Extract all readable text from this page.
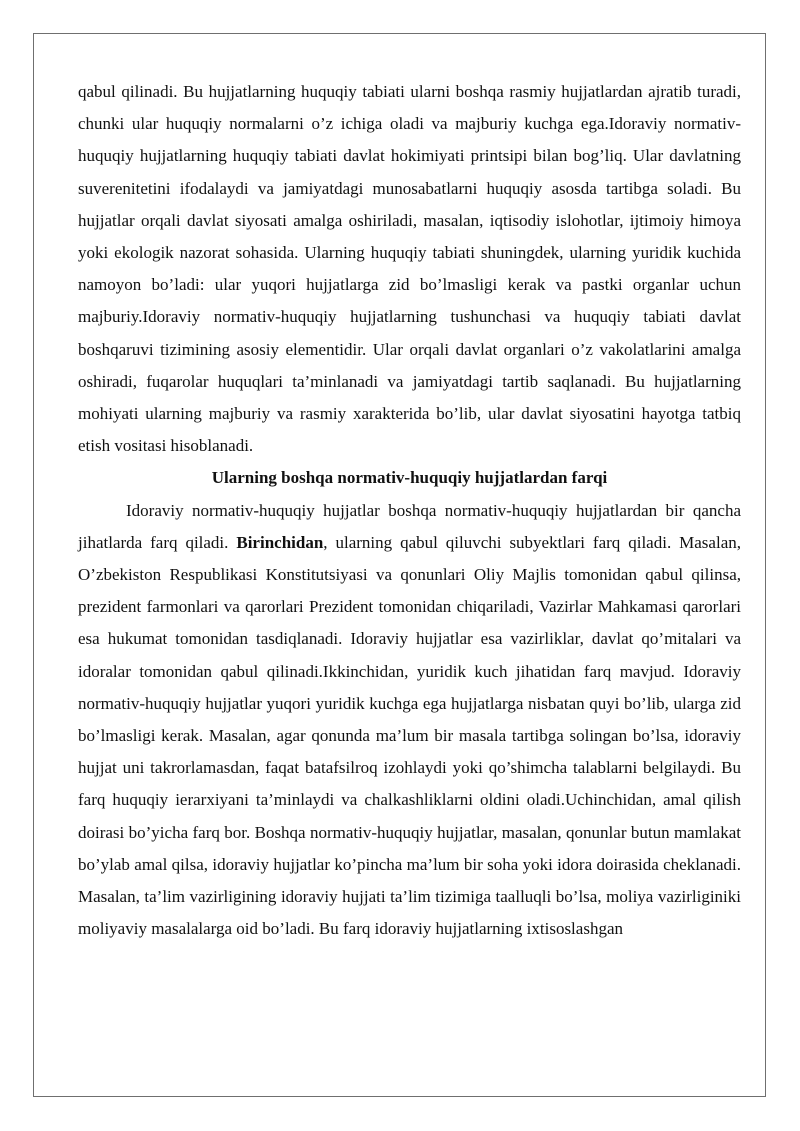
qabul qilinadi. Bu hujjatlarning huquqiy tabiati ularni boshqa rasmiy hujjatlardan ajratib turadi, chunki ular huquqiy normalarni o’z ichiga oladi va majburiy kuchga ega.Idoraviy normativ-huquqiy hujjatlarning huquqiy tabiati davlat hokimiyati printsipi bilan bog’liq. Ular davlatning suverenitetini ifodalaydi va jamiyatdagi munosabatlarni huquqiy asosda tartibga soladi. Bu hujjatlar orqali davlat siyosati amalga oshiriladi, masalan, iqtisodiy islohotlar, ijtimoiy himoya yoki ekologik nazorat sohasida. Ularning huquqiy tabiati shuningdek, ularning yuridik kuchida namoyon bo’ladi: ular yuqori hujjatlarga zid bo’lmasligi kerak va pastki organlar uchun majburiy.Idoraviy normativ-huquqiy hujjatlarning tushunchasi va huquqiy tabiati davlat boshqaruvi tizimining asosiy elementidir. Ular orqali davlat organlari o’z vakolatlarini amalga oshiradi, fuqarolar huquqlari ta’minlanadi va jamiyatdagi tartib saqlanadi. Bu hujjatlarning mohiyati ularning majburiy va rasmiy xarakterida bo’lib, ular davlat siyosatini hayotga tatbiq etish vositasi hisoblanadi.

Ularning boshqa normativ-huquqiy hujjatlardan farqi

Idoraviy normativ-huquqiy hujjatlar boshqa normativ-huquqiy hujjatlardan bir qancha jihatlarda farq qiladi. Birinchidan, ularning qabul qiluvchi subyektlari farq qiladi. Masalan, O’zbekiston Respublikasi Konstitutsiyasi va qonunlari Oliy Majlis tomonidan qabul qilinsa, prezident farmonlari va qarorlari Prezident tomonidan chiqariladi, Vazirlar Mahkamasi qarorlari esa hukumat tomonidan tasdiqlanadi. Idoraviy hujjatlar esa vazirliklar, davlat qo’mitalari va idoralar tomonidan qabul qilinadi.Ikkinchidan, yuridik kuch jihatidan farq mavjud. Idoraviy normativ-huquqiy hujjatlar yuqori yuridik kuchga ega hujjatlarga nisbatan quyi bo’lib, ularga zid bo’lmasligi kerak. Masalan, agar qonunda ma’lum bir masala tartibga solingan bo’lsa, idoraviy hujjat uni takrorlamasdan, faqat batafsilroq izohlaydi yoki qo’shimcha talablarni belgilaydi. Bu farq huquqiy ierarxiyani ta’minlaydi va chalkashliklarni oldini oladi.Uchinchidan, amal qilish doirasi bo’yicha farq bor. Boshqa normativ-huquqiy hujjatlar, masalan, qonunlar butun mamlakat bo’ylab amal qilsa, idoraviy hujjatlar ko’pincha ma’lum bir soha yoki idora doirasida cheklanadi. Masalan, ta’lim vazirligining idoraviy hujjati ta’lim tizimiga taalluqli bo’lsa, moliya vazirliginiki moliyaviy masalalarga oid bo’ladi. Bu farq idoraviy hujjatlarning ixtisoslashgan
